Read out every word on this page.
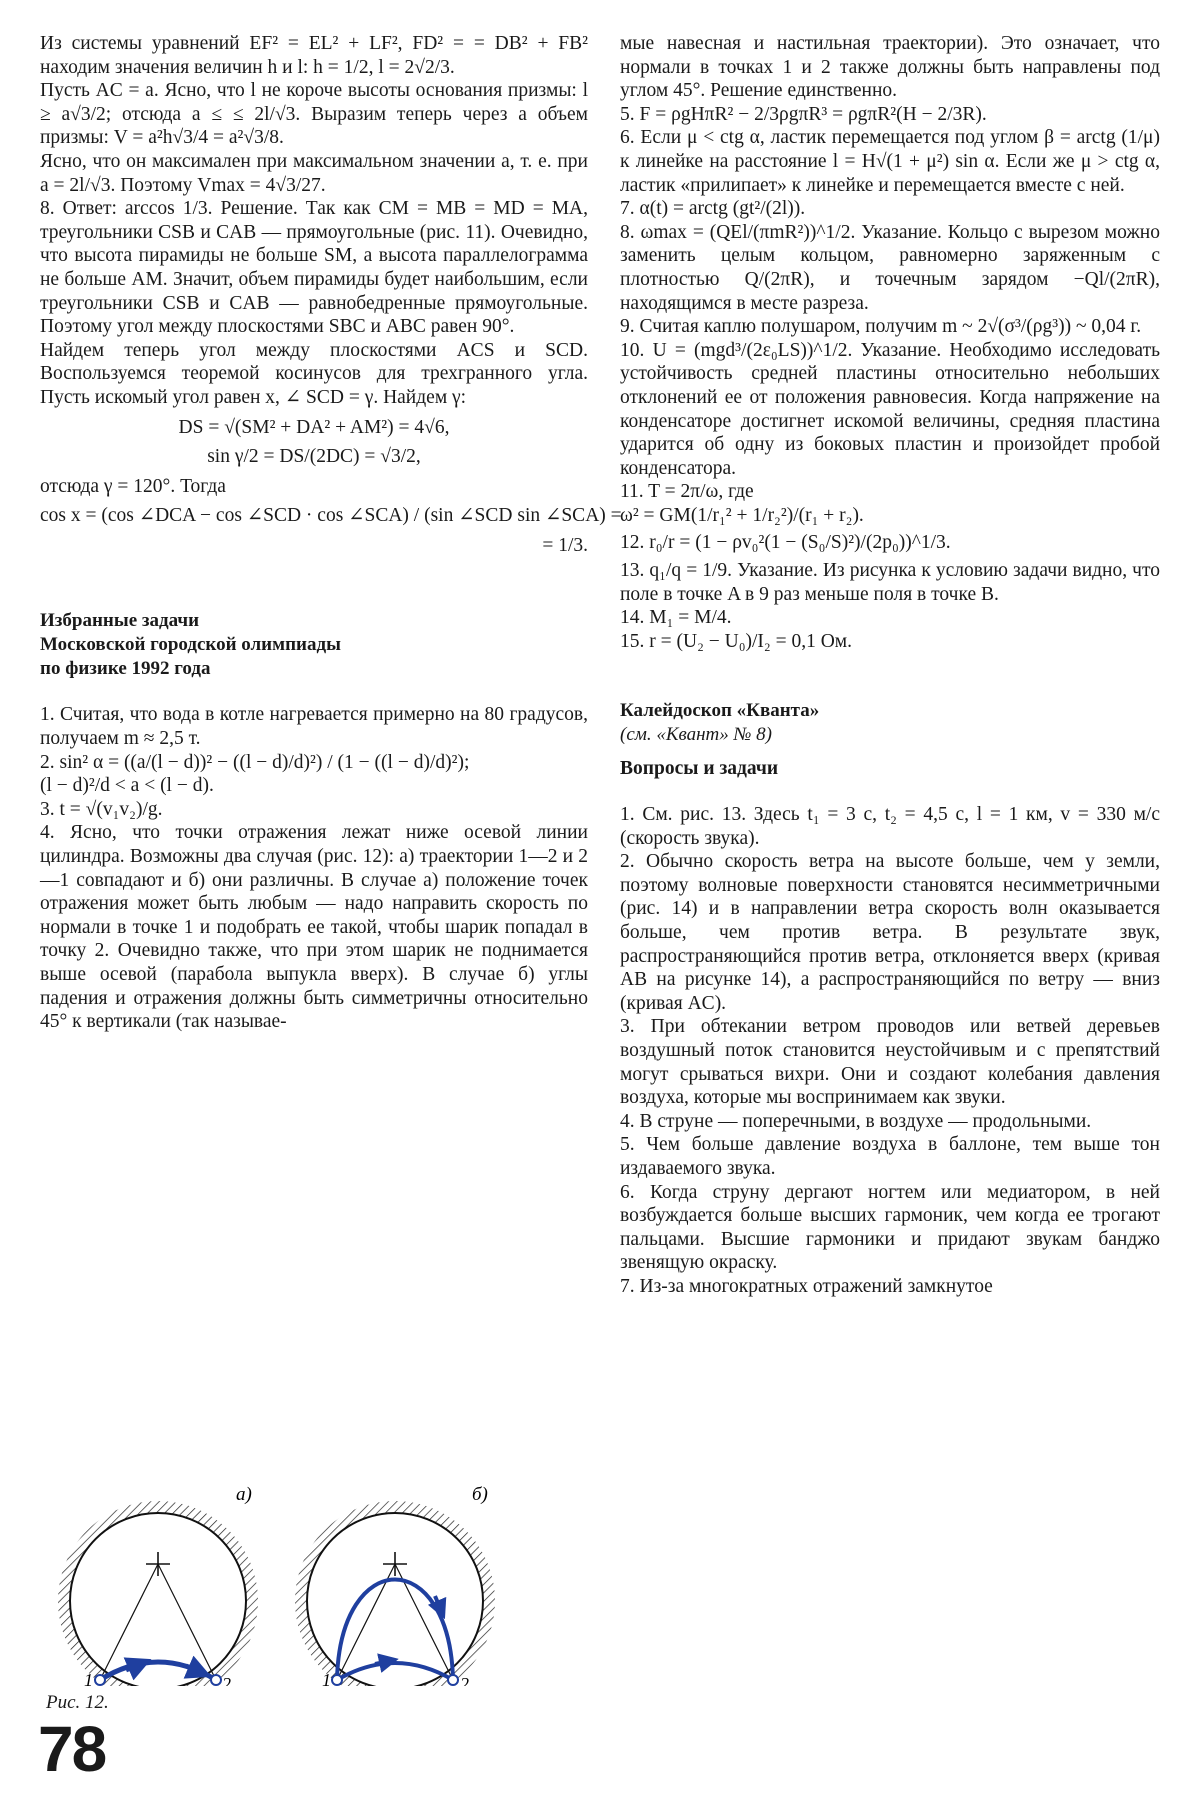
Из системы уравнений EF² = EL² + LF², FD² = = DB² + FB² находим значения величин h и l: h = 1/2, l = 2√2/3.

Пусть AC = a. Ясно, что l не короче высоты основания призмы: l ≥ a√3/2; отсюда a ≤ ≤ 2l/√3. Выразим теперь через a объем призмы: V = a²h√3/4 = a²√3/8.

Ясно, что он максимален при максимальном значении a, т. е. при a = 2l/√3. Поэтому Vmax = 4√3/27.

8. Ответ: arccos 1/3. Решение. Так как CM = MB = MD = MA, треугольники CSB и CAB — прямоугольные (рис. 11). Очевидно, что высота пирамиды не больше SM, а высота параллелограмма не больше AM. Значит, объем пирамиды будет наибольшим, если треугольники CSB и CAB — равнобедренные прямоугольные. Поэтому угол между плоскостями SBC и ABC равен 90°.

Найдем теперь угол между плоскостями ACS и SCD. Воспользуемся теоремой косинусов для трехгранного угла. Пусть искомый угол равен x, ∠ SCD = γ. Найдем γ:

DS = √(SM² + DA² + AM²) = 4√6,

sin γ/2 = DS/(2DC) = √3/2,

отсюда γ = 120°. Тогда

cos x = (cos ∠DCA − cos ∠SCD · cos ∠SCA) / (sin ∠SCD sin ∠SCA) =

= 1/3.

Избранные задачи

Московской городской олимпиады

по физике 1992 года

1. Считая, что вода в котле нагревается примерно на 80 градусов, получаем m ≈ 2,5 т.

2. sin² α = ((a/(l − d))² − ((l − d)/d)²) / (1 − ((l − d)/d)²);

(l − d)²/d < a < (l − d).

3. t = √(v₁v₂)/g.

4. Ясно, что точки отражения лежат ниже осевой линии цилиндра. Возможны два случая (рис. 12): а) траектории 1—2 и 2—1 совпадают и б) они различны. В случае а) положение точек отражения может быть любым — надо направить скорость по нормали в точке 1 и подобрать ее такой, чтобы шарик попадал в точку 2. Очевидно также, что при этом шарик не поднимается выше осевой (парабола выпукла вверх). В случае б) углы падения и отражения должны быть симметричны относительно 45° к вертикали (так называе-

а)
1	2
б)
1	2
Рис. 12.

мые навесная и настильная траектории). Это означает, что нормали в точках 1 и 2 также должны быть направлены под углом 45°. Решение единственно.

5. F = ρgHπR² − 2/3ρgπR³ = ρgπR²(H − 2/3R).

6. Если μ < ctg α, ластик перемещается под углом β = arctg (1/μ) к линейке на расстояние l = H√(1 + μ²) sin α. Если же μ > ctg α, ластик «прилипает» к линейке и перемещается вместе с ней.

7. α(t) = arctg (gt²/(2l)).

8. ωmax = (QEl/(πmR²))^1/2. Указание. Кольцо с вырезом можно заменить целым кольцом, равномерно заряженным с плотностью Q/(2πR), и точечным зарядом −Ql/(2πR), находящимся в месте разреза.

9. Считая каплю полушаром, получим m ~ 2√(σ³/(ρg³)) ~ 0,04 г.

10. U = (mgd³/(2ε₀LS))^1/2. Указание. Необходимо исследовать устойчивость средней пластины относительно небольших отклонений ее от положения равновесия. Когда напряжение на конденсаторе достигнет искомой величины, средняя пластина ударится об одну из боковых пластин и произойдет пробой конденсатора.

11. T = 2π/ω, где

ω² = GM(1/r₁² + 1/r₂²)/(r₁ + r₂).

12. r₀/r = (1 − ρv₀²(1 − (S₀/S)²)/(2p₀))^1/3.

13. q₁/q = 1/9. Указание. Из рисунка к условию задачи видно, что поле в точке A в 9 раз меньше поля в точке B.

14. M₁ = M/4.

15. r = (U₂ − U₀)/I₂ = 0,1 Ом.

Калейдоскоп «Кванта»

(см. «Квант» № 8)

Вопросы и задачи

1. См. рис. 13. Здесь t₁ = 3 с, t₂ = 4,5 с, l = 1 км, v = 330 м/с (скорость звука).

2. Обычно скорость ветра на высоте больше, чем у земли, поэтому волновые поверхности становятся несимметричными (рис. 14) и в направлении ветра скорость волн оказывается больше, чем против ветра. В результате звук, распространяющийся против ветра, отклоняется вверх (кривая AB на рисунке 14), а распространяющийся по ветру — вниз (кривая AC).

3. При обтекании ветром проводов или ветвей деревьев воздушный поток становится неустойчивым и с препятствий могут срываться вихри. Они и создают колебания давления воздуха, которые мы воспринимаем как звуки.

4. В струне — поперечными, в воздухе — продольными.

5. Чем больше давление воздуха в баллоне, тем выше тон издаваемого звука.

6. Когда струну дергают ногтем или медиатором, в ней возбуждается больше высших гармоник, чем когда ее трогают пальцами. Высшие гармоники и придают звукам банджо звенящую окраску.

7. Из-за многократных отражений замкнутое

78
